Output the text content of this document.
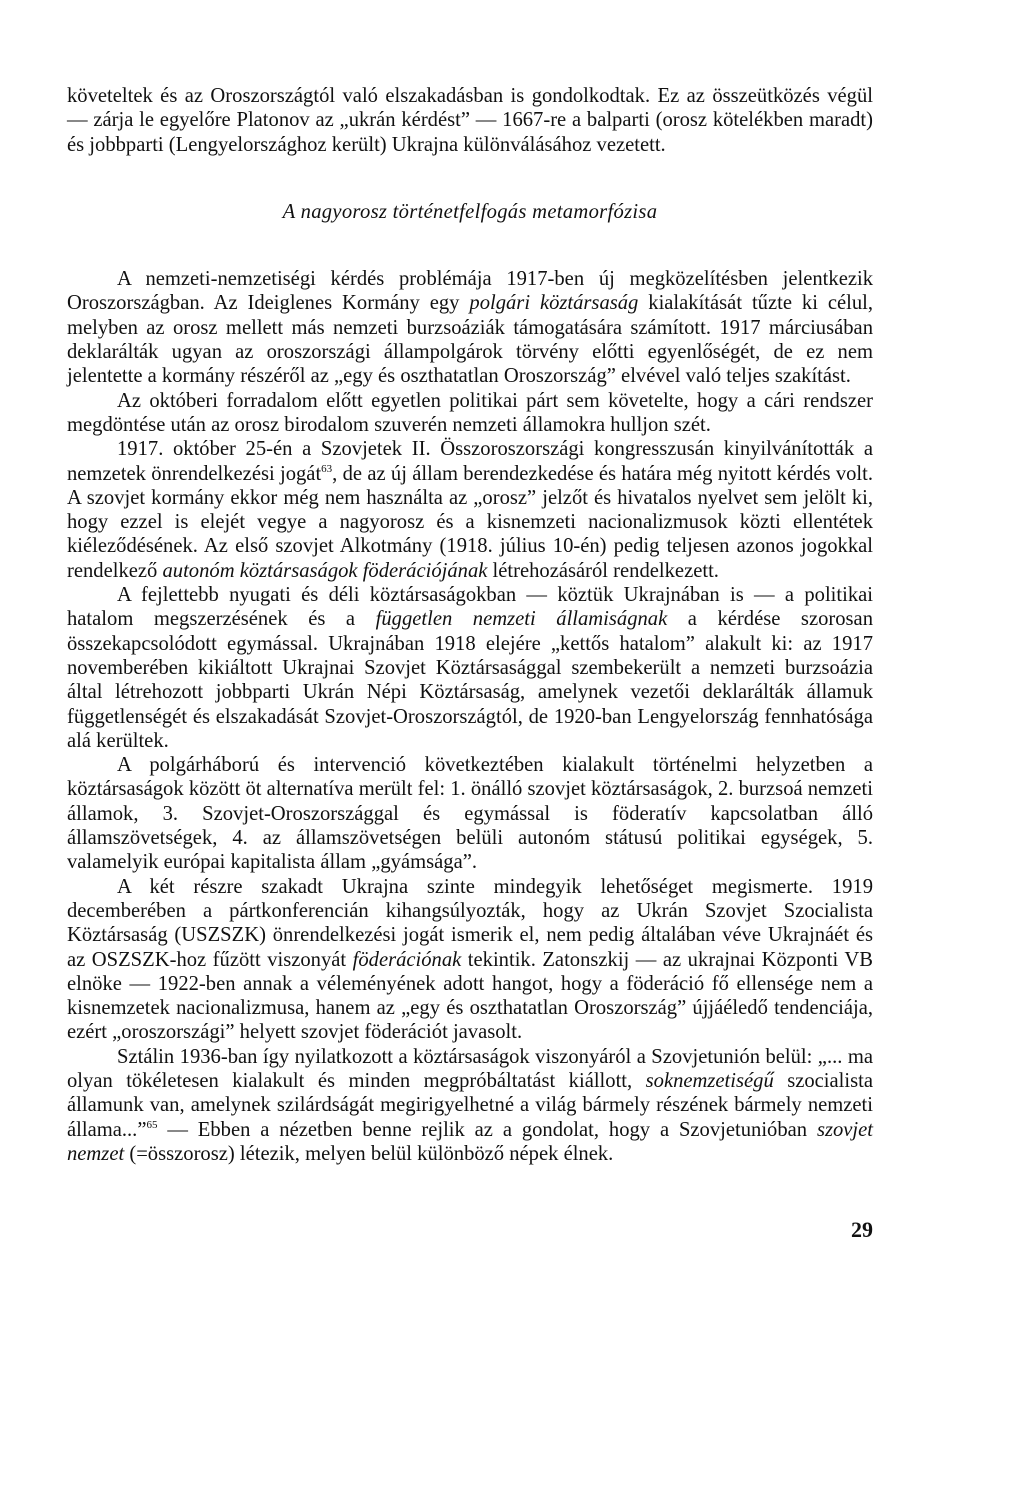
követeltek és az Oroszországtól való elszakadásban is gondolkodtak. Ez az összeütközés végül — zárja le egyelőre Platonov az „ukrán kérdést” — 1667-re a balparti (orosz kötelékben maradt) és jobbparti (Lengyelországhoz került) Ukrajna különválásához vezetett.

A nagyorosz történetfelfogás metamorfózisa

A nemzeti-nemzetiségi kérdés problémája 1917-ben új megközelítésben jelentkezik Oroszországban. Az Ideiglenes Kormány egy polgári köztársaság kialakítását tűzte ki célul, melyben az orosz mellett más nemzeti burzsoáziák támogatására számított. 1917 márciusában deklarálták ugyan az oroszországi állampolgárok törvény előtti egyenlőségét, de ez nem jelentette a kormány részéről az „egy és oszthatatlan Oroszország” elvével való teljes szakítást.

Az októberi forradalom előtt egyetlen politikai párt sem követelte, hogy a cári rendszer megdöntése után az orosz birodalom szuverén nemzeti államokra hulljon szét.

1917. október 25-én a Szovjetek II. Összoroszországi kongresszusán kinyilvánították a nemzetek önrendelkezési jogát$^{63}$, de az új állam berendezkedése és határa még nyitott kérdés volt. A szovjet kormány ekkor még nem használta az „orosz” jelzőt és hivatalos nyelvet sem jelölt ki, hogy ezzel is elejét vegye a nagyorosz és a kisnemzeti nacionalizmusok közti ellentétek kiéleződésének. Az első szovjet Alkotmány (1918. július 10-én) pedig teljesen azonos jogokkal rendelkező autonóm köztársaságok föderációjának létrehozásáról rendelkezett.

A fejlettebb nyugati és déli köztársaságokban — köztük Ukrajnában is — a politikai hatalom megszerzésének és a független nemzeti államiságnak a kérdése szorosan összekapcsolódott egymással. Ukrajnában 1918 elejére „kettős hatalom” alakult ki: az 1917 novemberében kikiáltott Ukrajnai Szovjet Köztársasággal szembekerült a nemzeti burzsoázia által létrehozott jobbparti Ukrán Népi Köztársaság, amelynek vezetői deklarálták államuk függetlenségét és elszakadását Szovjet-Oroszországtól, de 1920-ban Lengyelország fennhatósága alá kerültek.

A polgárháború és intervenció következtében kialakult történelmi helyzetben a köztársaságok között öt alternatíva merült fel: 1. önálló szovjet köztársaságok, 2. burzsoá nemzeti államok, 3. Szovjet-Oroszországgal és egymással is föderatív kapcsolatban álló államszövetségek, 4. az államszövetségen belüli autonóm státusú politikai egységek, 5. valamelyik európai kapitalista állam „gyámsága”.

A két részre szakadt Ukrajna szinte mindegyik lehetőséget megismerte. 1919 decemberében a pártkonferencián kihangsúlyozták, hogy az Ukrán Szovjet Szocialista Köztársaság (USZSZK) önrendelkezési jogát ismerik el, nem pedig általában véve Ukrajnáét és az OSZSZK-hoz fűzött viszonyát föderációnak tekintik. Zatonszkij — az ukrajnai Központi VB elnöke — 1922-ben annak a véleményének adott hangot, hogy a föderáció fő ellensége nem a kisnemzetek nacionalizmusa, hanem az „egy és oszthatatlan Oroszország” újjáéledő tendenciája, ezért „oroszországi” helyett szovjet föderációt javasolt.

Sztálin 1936-ban így nyilatkozott a köztársaságok viszonyáról a Szovjetunión belül: „... ma olyan tökéletesen kialakult és minden megpróbáltatást kiállott, soknemzetiségű szocialista államunk van, amelynek szilárdságát megirigyelhetné a világ bármely részének bármely nemzeti államа...”$^{65}$ — Ebben a nézetben benne rejlik az a gondolat, hogy a Szovjetunióban szovjet nemzet (=összorosz) létezik, melyen belül különböző népek élnek.

29
